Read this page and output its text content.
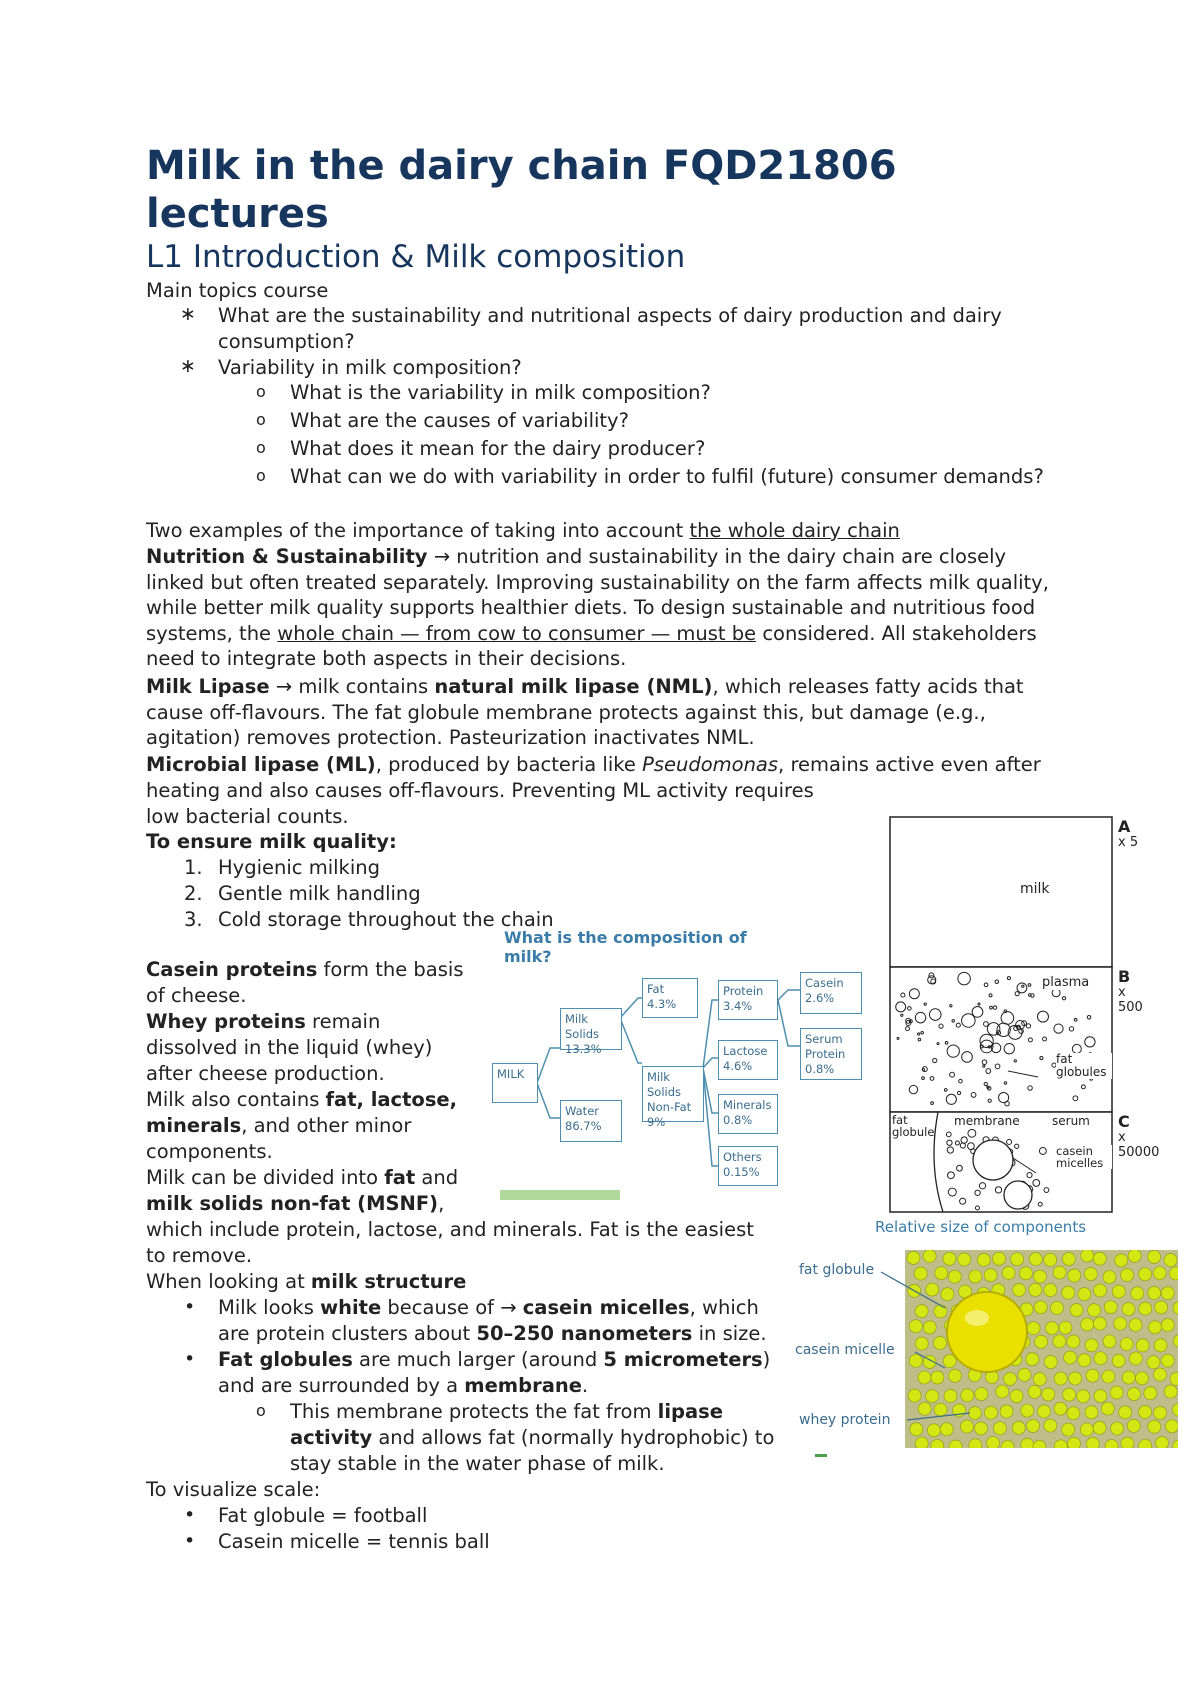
Milk in the dairy chain FQD21806 lectures
L1 Introduction & Milk composition
Main topics course
∗ What are the sustainability and nutritional aspects of dairy production and dairy consumption?
∗ Variability in milk composition?
o What is the variability in milk composition?
o What are the causes of variability?
o What does it mean for the dairy producer?
o What can we do with variability in order to fulfil (future) consumer demands?
Two examples of the importance of taking into account the whole dairy chain
Nutrition & Sustainability → nutrition and sustainability in the dairy chain are closely linked but often treated separately. Improving sustainability on the farm affects milk quality, while better milk quality supports healthier diets. To design sustainable and nutritious food systems, the whole chain — from cow to consumer — must be considered. All stakeholders need to integrate both aspects in their decisions.
Milk Lipase → milk contains natural milk lipase (NML), which releases fatty acids that cause off-flavours. The fat globule membrane protects against this, but damage (e.g., agitation) removes protection. Pasteurization inactivates NML.
Microbial lipase (ML), produced by bacteria like Pseudomonas, remains active even after heating and also causes off-flavours. Preventing ML activity requires
low bacterial counts.
To ensure milk quality:
1. Hygienic milking
2. Gentle milk handling
3. Cold storage throughout the chain
Casein proteins form the basis
of cheese.
Whey proteins remain
dissolved in the liquid (whey)
after cheese production.
Milk also contains fat, lactose,
minerals, and other minor
components.
Milk can be divided into fat and
milk solids non-fat (MSNF),
which include protein, lactose, and minerals. Fat is the easiest
to remove.
When looking at milk structure
• Milk looks white because of → casein micelles, which
are protein clusters about 50–250 nanometers in size.
• Fat globules are much larger (around 5 micrometers)
and are surrounded by a membrane.
o This membrane protects the fat from lipase
activity and allows fat (normally hydrophobic) to
stay stable in the water phase of milk.
To visualize scale:
• Fat globule = football
• Casein micelle = tennis ball
What is the composition of milk?
MILK
Milk Solids
13.3%
Water
86.7%
Fat
4.3%
Milk Solids Non-Fat
9%
Protein
3.4%
Lactose
4.6%
Minerals
0.8%
Others
0.15%
Casein
2.6%
Serum Protein
0.8%
A
x 5
milk
B
x 500
plasma
fat globules
C
x 50000
fat globule
membrane	serum
casein micelles
Relative size of components
fat globule
casein micelle
whey protein
